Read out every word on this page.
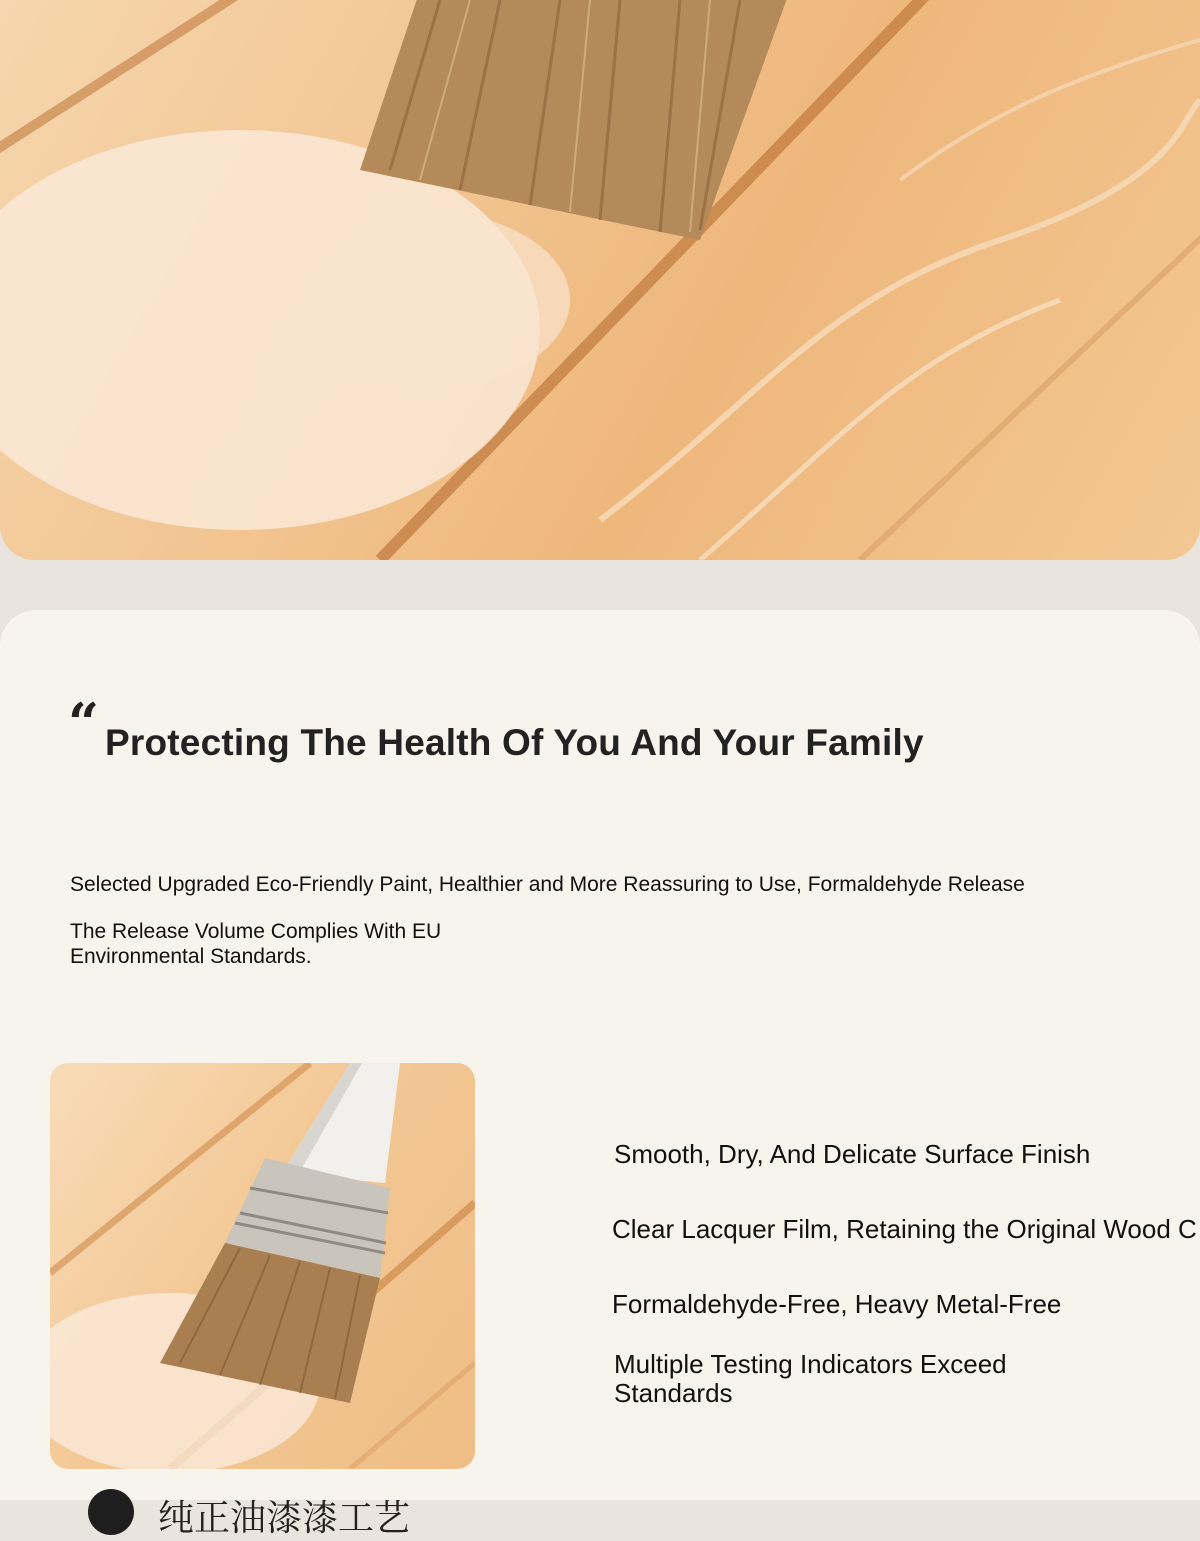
“ Protecting The Health Of You And Your Family

Selected Upgraded Eco-Friendly Paint, Healthier and More Reassuring to Use, Formaldehyde Release

The Release Volume Complies With EU Environmental Standards.

Smooth, Dry, And Delicate Surface Finish

Clear Lacquer Film, Retaining the Original Wood C

Formaldehyde-Free, Heavy Metal-Free

Multiple Testing Indicators Exceed Standards

纯正油漆漆工艺
